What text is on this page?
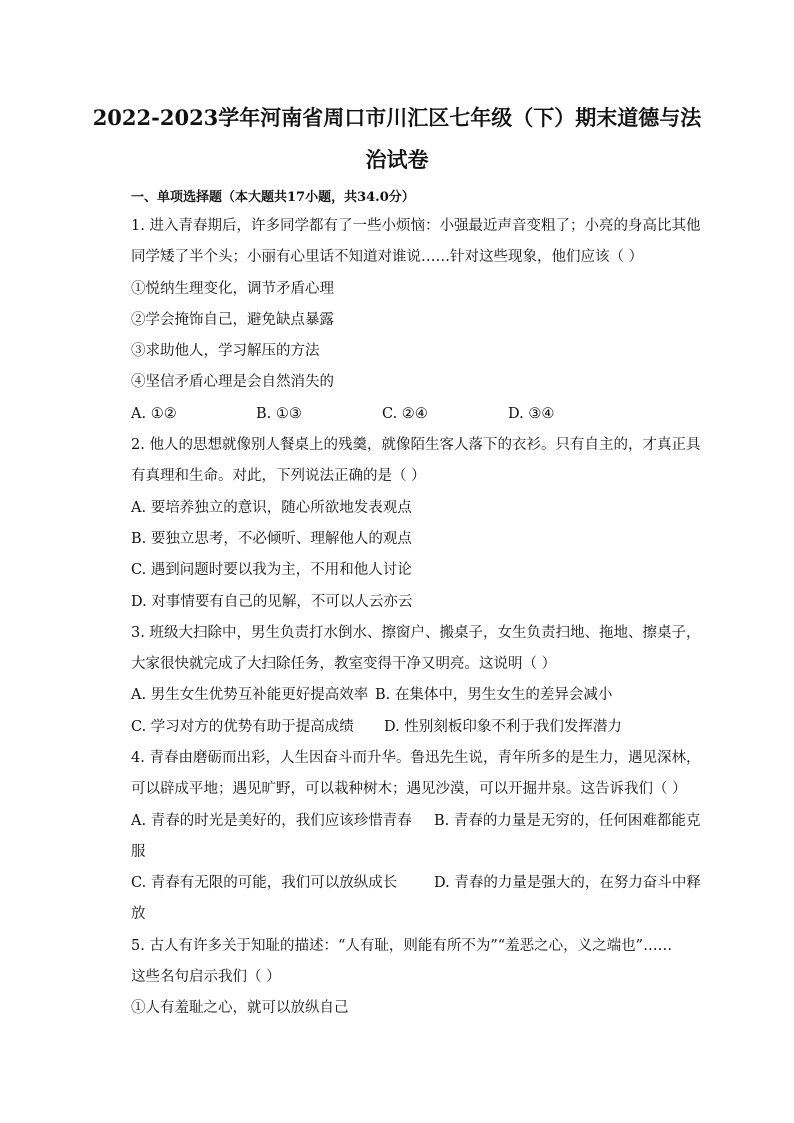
2022-2023学年河南省周口市川汇区七年级（下）期末道德与法
治试卷
一、单项选择题（本大题共17小题，共34.0分）
1. 进入青春期后，许多同学都有了一些小烦恼：小强最近声音变粗了；小亮的身高比其他
同学矮了半个头；小丽有心里话不知道对谁说……针对这些现象，他们应该（ ）
①悦纳生理变化，调节矛盾心理
②学会掩饰自己，避免缺点暴露
③求助他人，学习解压的方法
④坚信矛盾心理是会自然消失的
A. ①②	B. ①③	C. ②④	D. ③④
2. 他人的思想就像别人餐桌上的残羹，就像陌生客人落下的衣衫。只有自主的，才真正具
有真理和生命。对此，下列说法正确的是（ ）
A. 要培养独立的意识，随心所欲地发表观点
B. 要独立思考，不必倾听、理解他人的观点
C. 遇到问题时要以我为主，不用和他人讨论
D. 对事情要有自己的见解，不可以人云亦云
3. 班级大扫除中，男生负责打水倒水、擦窗户、搬桌子，女生负责扫地、拖地、擦桌子，
大家很快就完成了大扫除任务，教室变得干净又明亮。这说明（ ）
A. 男生女生优势互补能更好提高效率 B. 在集体中，男生女生的差异会减小
C. 学习对方的优势有助于提高成绩 D. 性别刻板印象不利于我们发挥潜力
4. 青春由磨砺而出彩，人生因奋斗而升华。鲁迅先生说，青年所多的是生力，遇见深林，
可以辟成平地；遇见旷野，可以栽种树木；遇见沙漠，可以开掘井泉。这告诉我们（ ）
A. 青春的时光是美好的，我们应该珍惜青春 B. 青春的力量是无穷的，任何困难都能克
服
C. 青春有无限的可能，我们可以放纵成长	D. 青春的力量是强大的，在努力奋斗中释
放
5. 古人有许多关于知耻的描述：“人有耻，则能有所不为”“羞恶之心，义之端也”……
这些名句启示我们（ ）
①人有羞耻之心，就可以放纵自己
